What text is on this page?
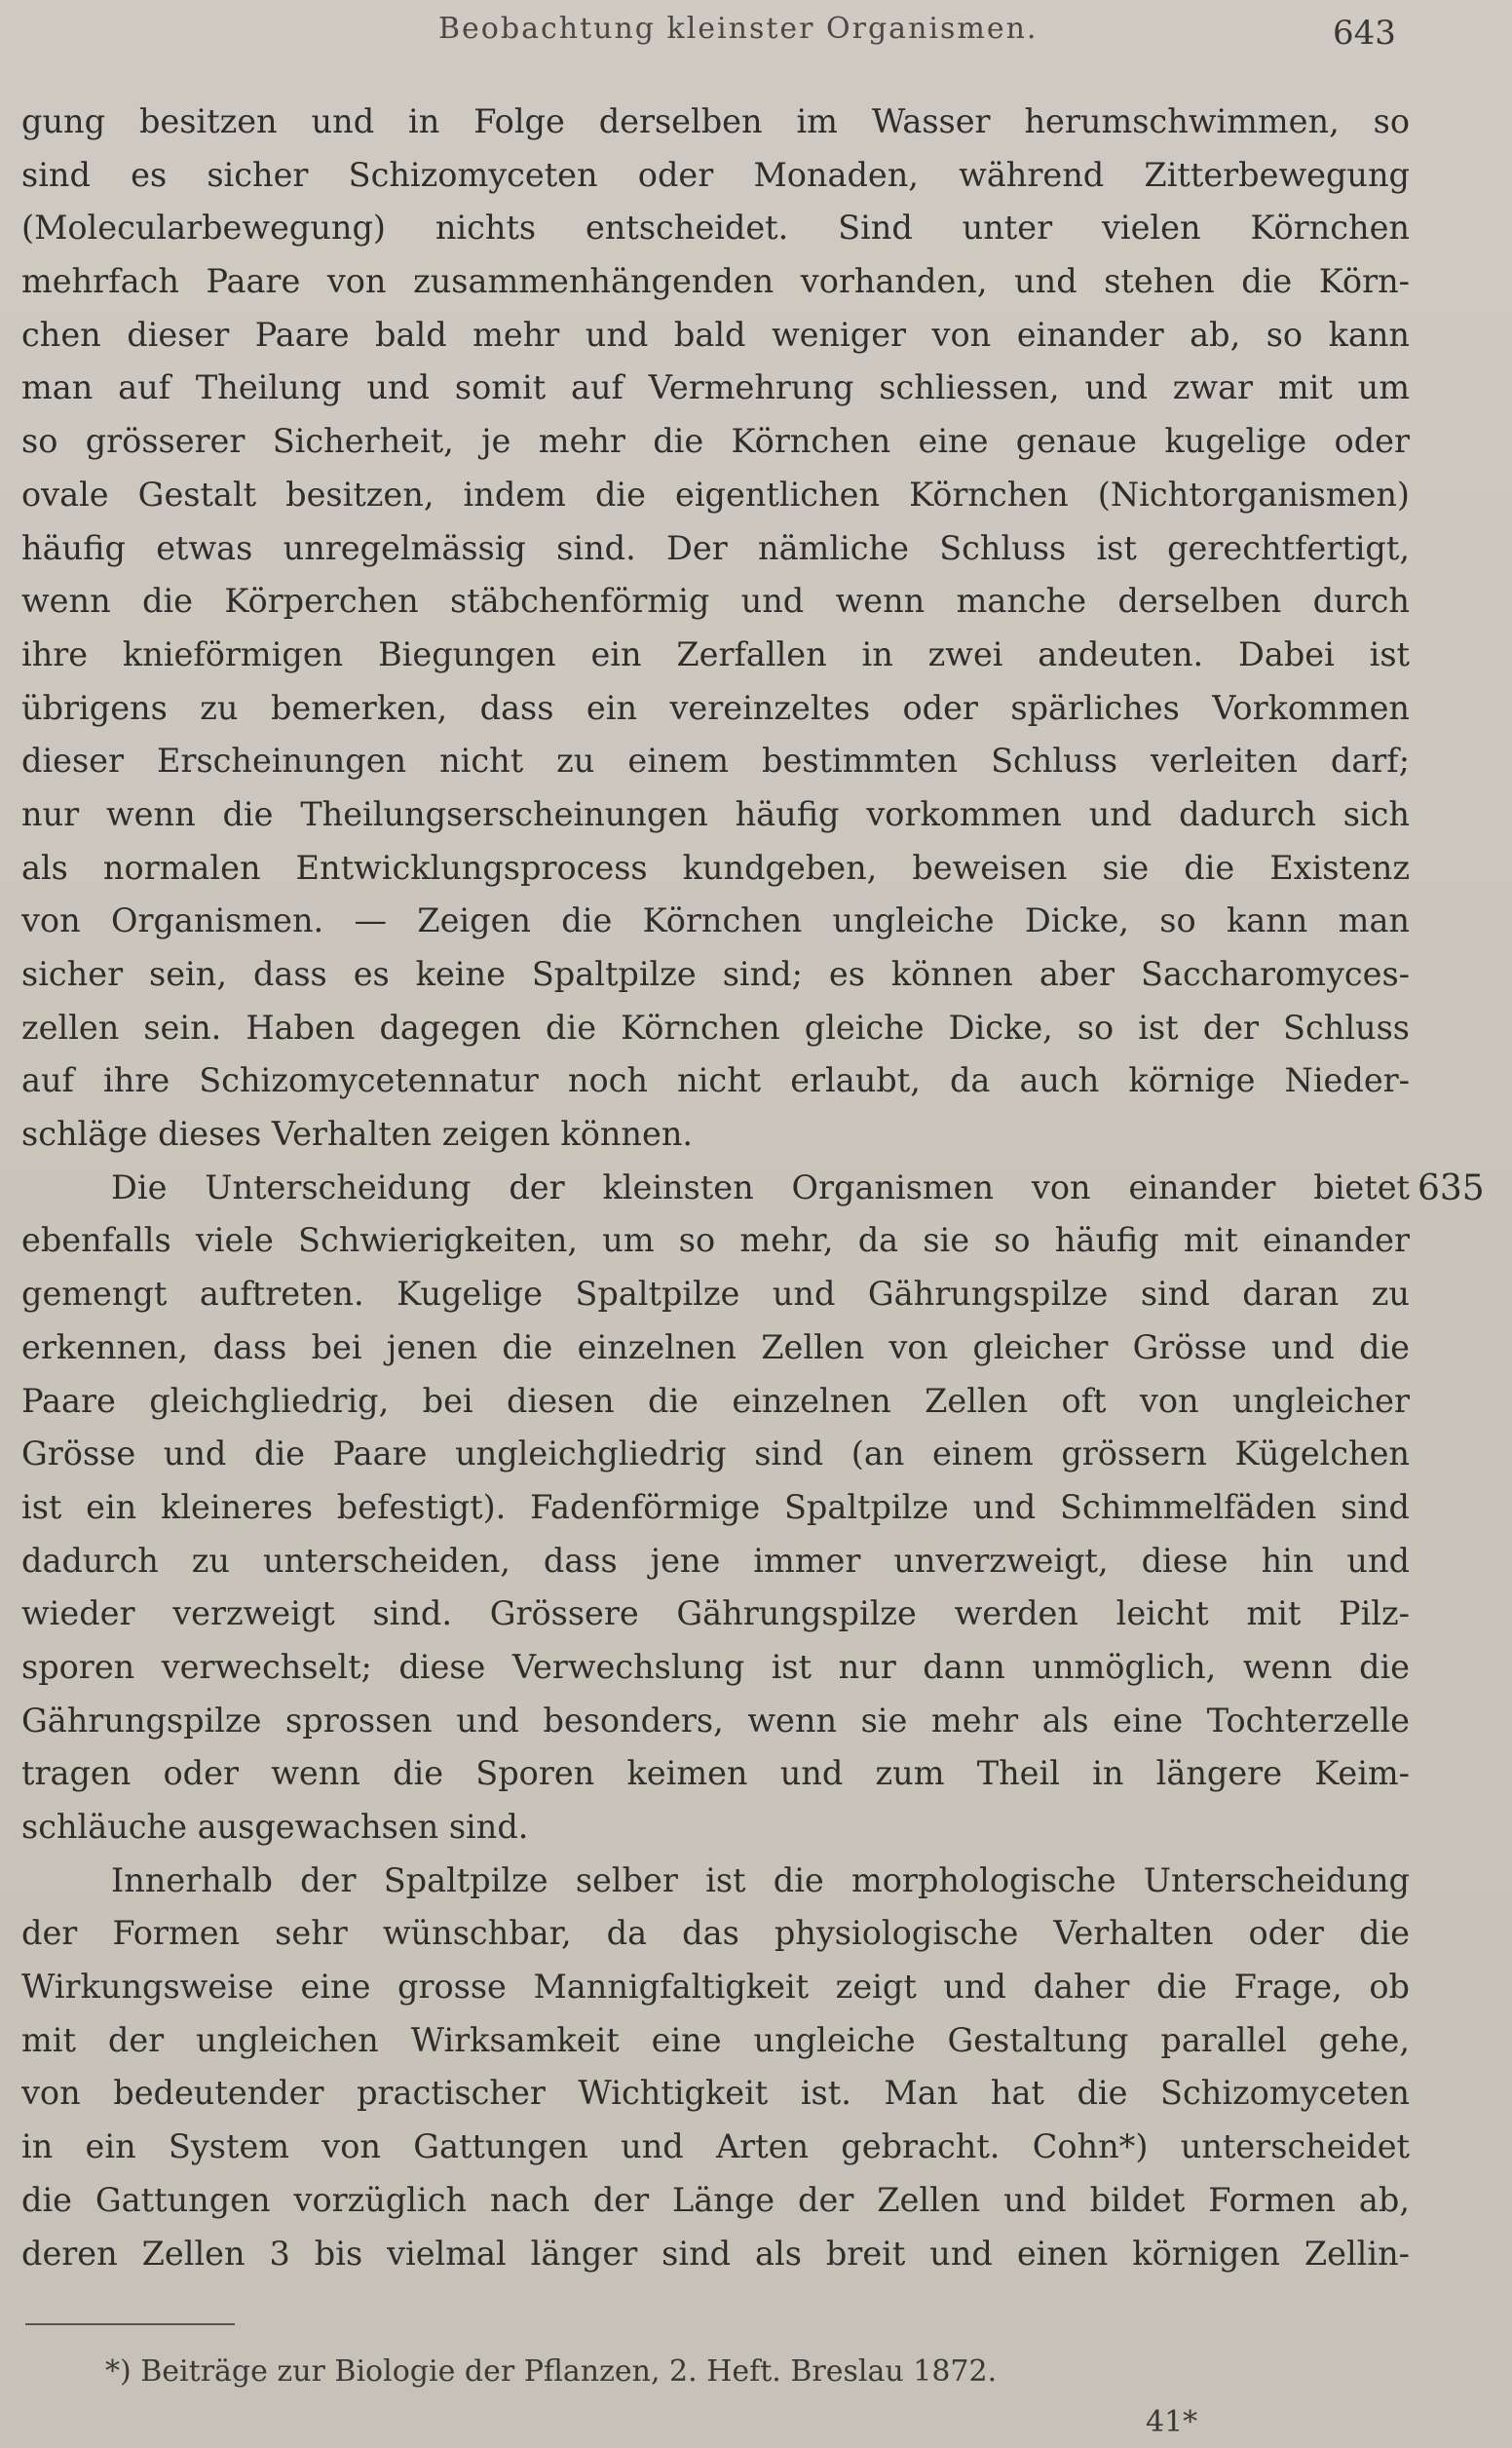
Beobachtung kleinster Organismen.	643
gung besitzen und in Folge derselben im Wasser herumschwimmen, so
sind es sicher Schizomyceten oder Monaden, während Zitterbewegung
(Molecularbewegung) nichts entscheidet. Sind unter vielen Körnchen
mehrfach Paare von zusammenhängenden vorhanden, und stehen die Körn-
chen dieser Paare bald mehr und bald weniger von einander ab, so kann
man auf Theilung und somit auf Vermehrung schliessen, und zwar mit um
so grösserer Sicherheit, je mehr die Körnchen eine genaue kugelige oder
ovale Gestalt besitzen, indem die eigentlichen Körnchen (Nichtorganismen)
häufig etwas unregelmässig sind. Der nämliche Schluss ist gerechtfertigt,
wenn die Körperchen stäbchenförmig und wenn manche derselben durch
ihre knieförmigen Biegungen ein Zerfallen in zwei andeuten. Dabei ist
übrigens zu bemerken, dass ein vereinzeltes oder spärliches Vorkommen
dieser Erscheinungen nicht zu einem bestimmten Schluss verleiten darf;
nur wenn die Theilungserscheinungen häufig vorkommen und dadurch sich
als normalen Entwicklungsprocess kundgeben, beweisen sie die Existenz
von Organismen. — Zeigen die Körnchen ungleiche Dicke, so kann man
sicher sein, dass es keine Spaltpilze sind; es können aber Saccharomyces-
zellen sein. Haben dagegen die Körnchen gleiche Dicke, so ist der Schluss
auf ihre Schizomycetennatur noch nicht erlaubt, da auch körnige Nieder-
schläge dieses Verhalten zeigen können.
Die Unterscheidung der kleinsten Organismen von einander bietet
ebenfalls viele Schwierigkeiten, um so mehr, da sie so häufig mit einander
gemengt auftreten. Kugelige Spaltpilze und Gährungspilze sind daran zu
erkennen, dass bei jenen die einzelnen Zellen von gleicher Grösse und die
Paare gleichgliedrig, bei diesen die einzelnen Zellen oft von ungleicher
Grösse und die Paare ungleichgliedrig sind (an einem grössern Kügelchen
ist ein kleineres befestigt). Fadenförmige Spaltpilze und Schimmelfäden sind
dadurch zu unterscheiden, dass jene immer unverzweigt, diese hin und
wieder verzweigt sind. Grössere Gährungspilze werden leicht mit Pilz-
sporen verwechselt; diese Verwechslung ist nur dann unmöglich, wenn die
Gährungspilze sprossen und besonders, wenn sie mehr als eine Tochterzelle
tragen oder wenn die Sporen keimen und zum Theil in längere Keim-
schläuche ausgewachsen sind.
Innerhalb der Spaltpilze selber ist die morphologische Unterscheidung
der Formen sehr wünschbar, da das physiologische Verhalten oder die
Wirkungsweise eine grosse Mannigfaltigkeit zeigt und daher die Frage, ob
mit der ungleichen Wirksamkeit eine ungleiche Gestaltung parallel gehe,
von bedeutender practischer Wichtigkeit ist. Man hat die Schizomyceten
in ein System von Gattungen und Arten gebracht. Cohn*) unterscheidet
die Gattungen vorzüglich nach der Länge der Zellen und bildet Formen ab,
deren Zellen 3 bis vielmal länger sind als breit und einen körnigen Zellin-
635
*) Beiträge zur Biologie der Pflanzen, 2. Heft. Breslau 1872.
41*
